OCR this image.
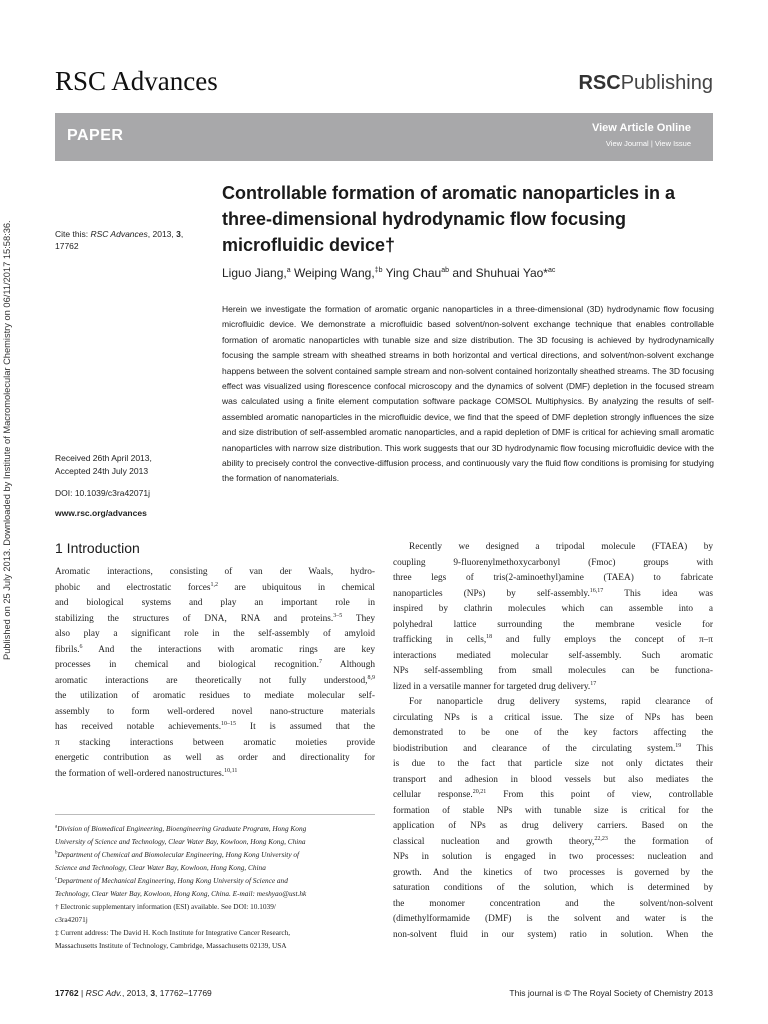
Published on 25 July 2013. Downloaded by Institute of Macromolecular Chemistry on 06/11/2017 15:58:36.
RSC Advances	RSCPublishing
PAPER	View Article Online
View Journal | View Issue
Controllable formation of aromatic nanoparticles in a three-dimensional hydrodynamic flow focusing microfluidic device†
Liguo Jiang,$^a$ Weiping Wang,$^{\ddagger b}$ Ying Chau$^{ab}$ and Shuhuai Yao*$^{ac}$
Cite this: RSC Advances, 2013, 3, 17762
Received 26th April 2013,
Accepted 24th July 2013
DOI: 10.1039/c3ra42071j
www.rsc.org/advances

Herein we investigate the formation of aromatic organic nanoparticles in a three-dimensional (3D) hydrodynamic flow focusing microfluidic device. We demonstrate a microfluidic based solvent/non-solvent exchange technique that enables controllable formation of aromatic nanoparticles with tunable size and size distribution. The 3D focusing is achieved by hydrodynamically focusing the sample stream with sheathed streams in both horizontal and vertical directions, and solvent/non-solvent exchange happens between the solvent contained sample stream and non-solvent contained horizontally sheathed streams. The 3D focusing effect was visualized using florescence confocal microscopy and the dynamics of solvent (DMF) depletion in the focused stream was calculated using a finite element computation software package COMSOL Multiphysics. By analyzing the results of self-assembled aromatic nanoparticles in the microfluidic device, we find that the speed of DMF depletion strongly influences the size and size distribution of self-assembled aromatic nanoparticles, and a rapid depletion of DMF is critical for achieving small aromatic nanoparticles with narrow size distribution. This work suggests that our 3D hydrodynamic flow focusing microfluidic device with the ability to precisely control the convective-diffusion process, and continuously vary the fluid flow conditions is promising for studying the formation of nanomaterials.

1 Introduction
Aromatic interactions, consisting of van der Waals, hydro-
phobic and electrostatic forces$^{1,2}$ are ubiquitous in chemical
and biological systems and play an important role in
stabilizing the structures of DNA, RNA and proteins.$^{3-5}$ They
also play a significant role in the self-assembly of amyloid
fibrils.$^6$ And the interactions with aromatic rings are key
processes in chemical and biological recognition.$^7$ Although
aromatic interactions are theoretically not fully understood,$^{8,9}$
the utilization of aromatic residues to mediate molecular self-
assembly to form well-ordered novel nano-structure materials
has received notable achievements.$^{10-15}$ It is assumed that the
π stacking interactions between aromatic moieties provide
energetic contribution as well as order and directionality for
the formation of well-ordered nanostructures.$^{10,11}$

$^a$Division of Biomedical Engineering, Bioengineering Graduate Program, Hong Kong

University of Science and Technology, Clear Water Bay, Kowloon, Hong Kong, China

$^b$Department of Chemical and Biomolecular Engineering, Hong Kong University of

Science and Technology, Clear Water Bay, Kowloon, Hong Kong, China

$^c$Department of Mechanical Engineering, Hong Kong University of Science and

Technology, Clear Water Bay, Kowloon, Hong Kong, China. E-mail: meshyao@ust.hk

† Electronic supplementary information (ESI) available. See DOI: 10.1039/

c3ra42071j

‡ Current address: The David H. Koch Institute for Integrative Cancer Research,

Massachusetts Institute of Technology, Cambridge, Massachusetts 02139, USA

Recently we designed a tripodal molecule (FTAEA) by
coupling 9-fluorenylmethoxycarbonyl (Fmoc) groups with
three legs of tris(2-aminoethyl)amine (TAEA) to fabricate
nanoparticles (NPs) by self-assembly.$^{16,17}$ This idea was
inspired by clathrin molecules which can assemble into a
polyhedral lattice surrounding the membrane vesicle for
trafficking in cells,$^{18}$ and fully employs the concept of π–π
interactions mediated molecular self-assembly. Such aromatic
NPs self-assembling from small molecules can be functiona-
lized in a versatile manner for targeted drug delivery.$^{17}$
For nanoparticle drug delivery systems, rapid clearance of
circulating NPs is a critical issue. The size of NPs has been
demonstrated to be one of the key factors affecting the
biodistribution and clearance of the circulating system.$^{19}$ This
is due to the fact that particle size not only dictates their
transport and adhesion in blood vessels but also mediates the
cellular response.$^{20,21}$ From this point of view, controllable
formation of stable NPs with tunable size is critical for the
application of NPs as drug delivery carriers. Based on the
classical nucleation and growth theory,$^{22,23}$ the formation of
NPs in solution is engaged in two processes: nucleation and
growth. And the kinetics of two processes is governed by the
saturation conditions of the solution, which is determined by
the monomer concentration and the solvent/non-solvent
(dimethylformamide (DMF) is the solvent and water is the
non-solvent fluid in our system) ratio in solution. When the
17762 | RSC Adv., 2013, 3, 17762–17769	This journal is © The Royal Society of Chemistry 2013
